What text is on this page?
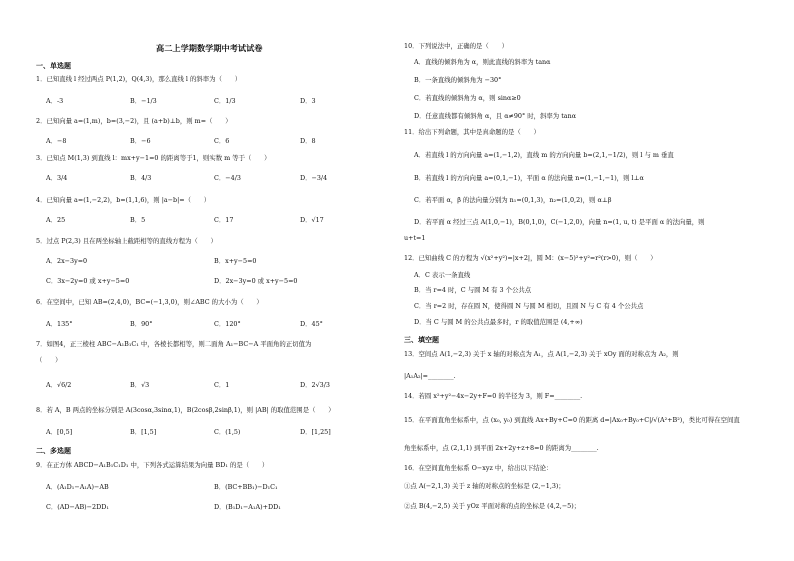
高二上学期数学期中考试试卷
一、单选题
1．已知直线 l 经过两点 P(1,2)，Q(4,3)，那么直线 l 的斜率为（　　）
A．-3	B．−1/3	C．1/3	D．3
2．已知向量 a=(1,m)，b=(3,−2)，且 (a+b)⊥b，则 m=（　　）
A．−8	B．−6	C．6	D．8
3．已知点 M(1,3) 到直线 l：mx+y−1=0 的距离等于1，则实数 m 等于（　　）
A．3/4	B．4/3	C．−4/3	D．−3/4
4．已知向量 a=(1,−2,2)，b=(1,1,6)，则 |a−b|=（　　）
A．25	B．5	C．17	D．√17
5．过点 P(2,3) 且在两坐标轴上截距相等的直线方程为（　　）
A．2x−3y=0	B．x+y−5=0
C．3x−2y=0 或 x+y−5=0	D．2x−3y=0 或 x+y−5=0
6．在空间中，已知 AB=(2,4,0)，BC=(−1,3,0)，则∠ABC 的大小为（　　）
A．135°	B．90°	C．120°	D．45°
7．如图4，正三棱柱 ABC−A₁B₁C₁ 中，各棱长都相等，则二面角 A₁−BC−A 平面角的正切值为
（　　）
A．√6/2	B．√3	C．1	D．2√3/3
8．若 A，B 两点的坐标分别是 A(3cosα,3sinα,1)，B(2cosβ,2sinβ,1)，则 |AB| 的取值范围是（　　）
A．[0,5]	B．[1,5]	C．(1,5)	D．[1,25]
二、多选题
9．在正方体 ABCD−A₁B₁C₁D₁ 中，下列各式运算结果为向量 BD₁ 的是（　　）
A．(A₁D₁−A₁A)−AB	B．(BC+BB₁)−D₁C₁
C．(AD−AB)−2DD₁	D．(B₁D₁−A₁A)+DD₁
10．下列说法中，正确的是（　　）
A．直线的倾斜角为 α，则此直线的斜率为 tanα
B．一条直线的倾斜角为 −30°
C．若直线的倾斜角为 α，则 sinα≥0
D．任意直线都有倾斜角 α，且 α≠90° 时，斜率为 tanα
11．给出下列命题，其中是真命题的是（　　）
A．若直线 l 的方向向量 a=(1,−1,2)，直线 m 的方向向量 b=(2,1,−1/2)，则 l 与 m 垂直
B．若直线 l 的方向向量 a=(0,1,−1)，平面 α 的法向量 n=(1,−1,−1)，则 l⊥α
C．若平面 α，β 的法向量分别为 n₁=(0,1,3)，n₂=(1,0,2)，则 α⊥β
D．若平面 α 经过三点 A(1,0,−1)，B(0,1,0)，C(−1,2,0)，向量 n=(1, u, t) 是平面 α 的法向量，则
u+t=1
12．已知曲线 C 的方程为 √(x²+y²)=|x+2|，圆 M：(x−5)²+y²=r²(r>0)，则（　　）
A．C 表示一条直线
B．当 r=4 时，C 与圆 M 有 3 个公共点
C．当 r=2 时，存在圆 N，使得圆 N 与圆 M 相切，且圆 N 与 C 有 4 个公共点
D．当 C 与圆 M 的公共点最多时，r 的取值范围是 (4,+∞)
三、填空题
13．空间点 A(1,−2,3) 关于 x 轴的对称点为 A₁，点 A(1,−2,3) 关于 xOy 面的对称点为 A₂，则
|A₁A₂|=________.
14．若圆 x²+y²−4x−2y+F=0 的半径为 3，则 F=________.
15．在平面直角坐标系中，点 (x₀, y₀) 到直线 Ax+By+C=0 的距离 d=|Ax₀+By₀+C|/√(A²+B²)，类比可得在空间直
角坐标系中，点 (2,1,1) 到平面 2x+2y+z+8=0 的距离为________.
16．在空间直角坐标系 O−xyz 中，给出以下结论：
①点 A(−2,1,3) 关于 z 轴的对称点的坐标是 (2,−1,3)；
②点 B(4,−2,5) 关于 yOz 平面对称的点的坐标是 (4,2,−5)；
